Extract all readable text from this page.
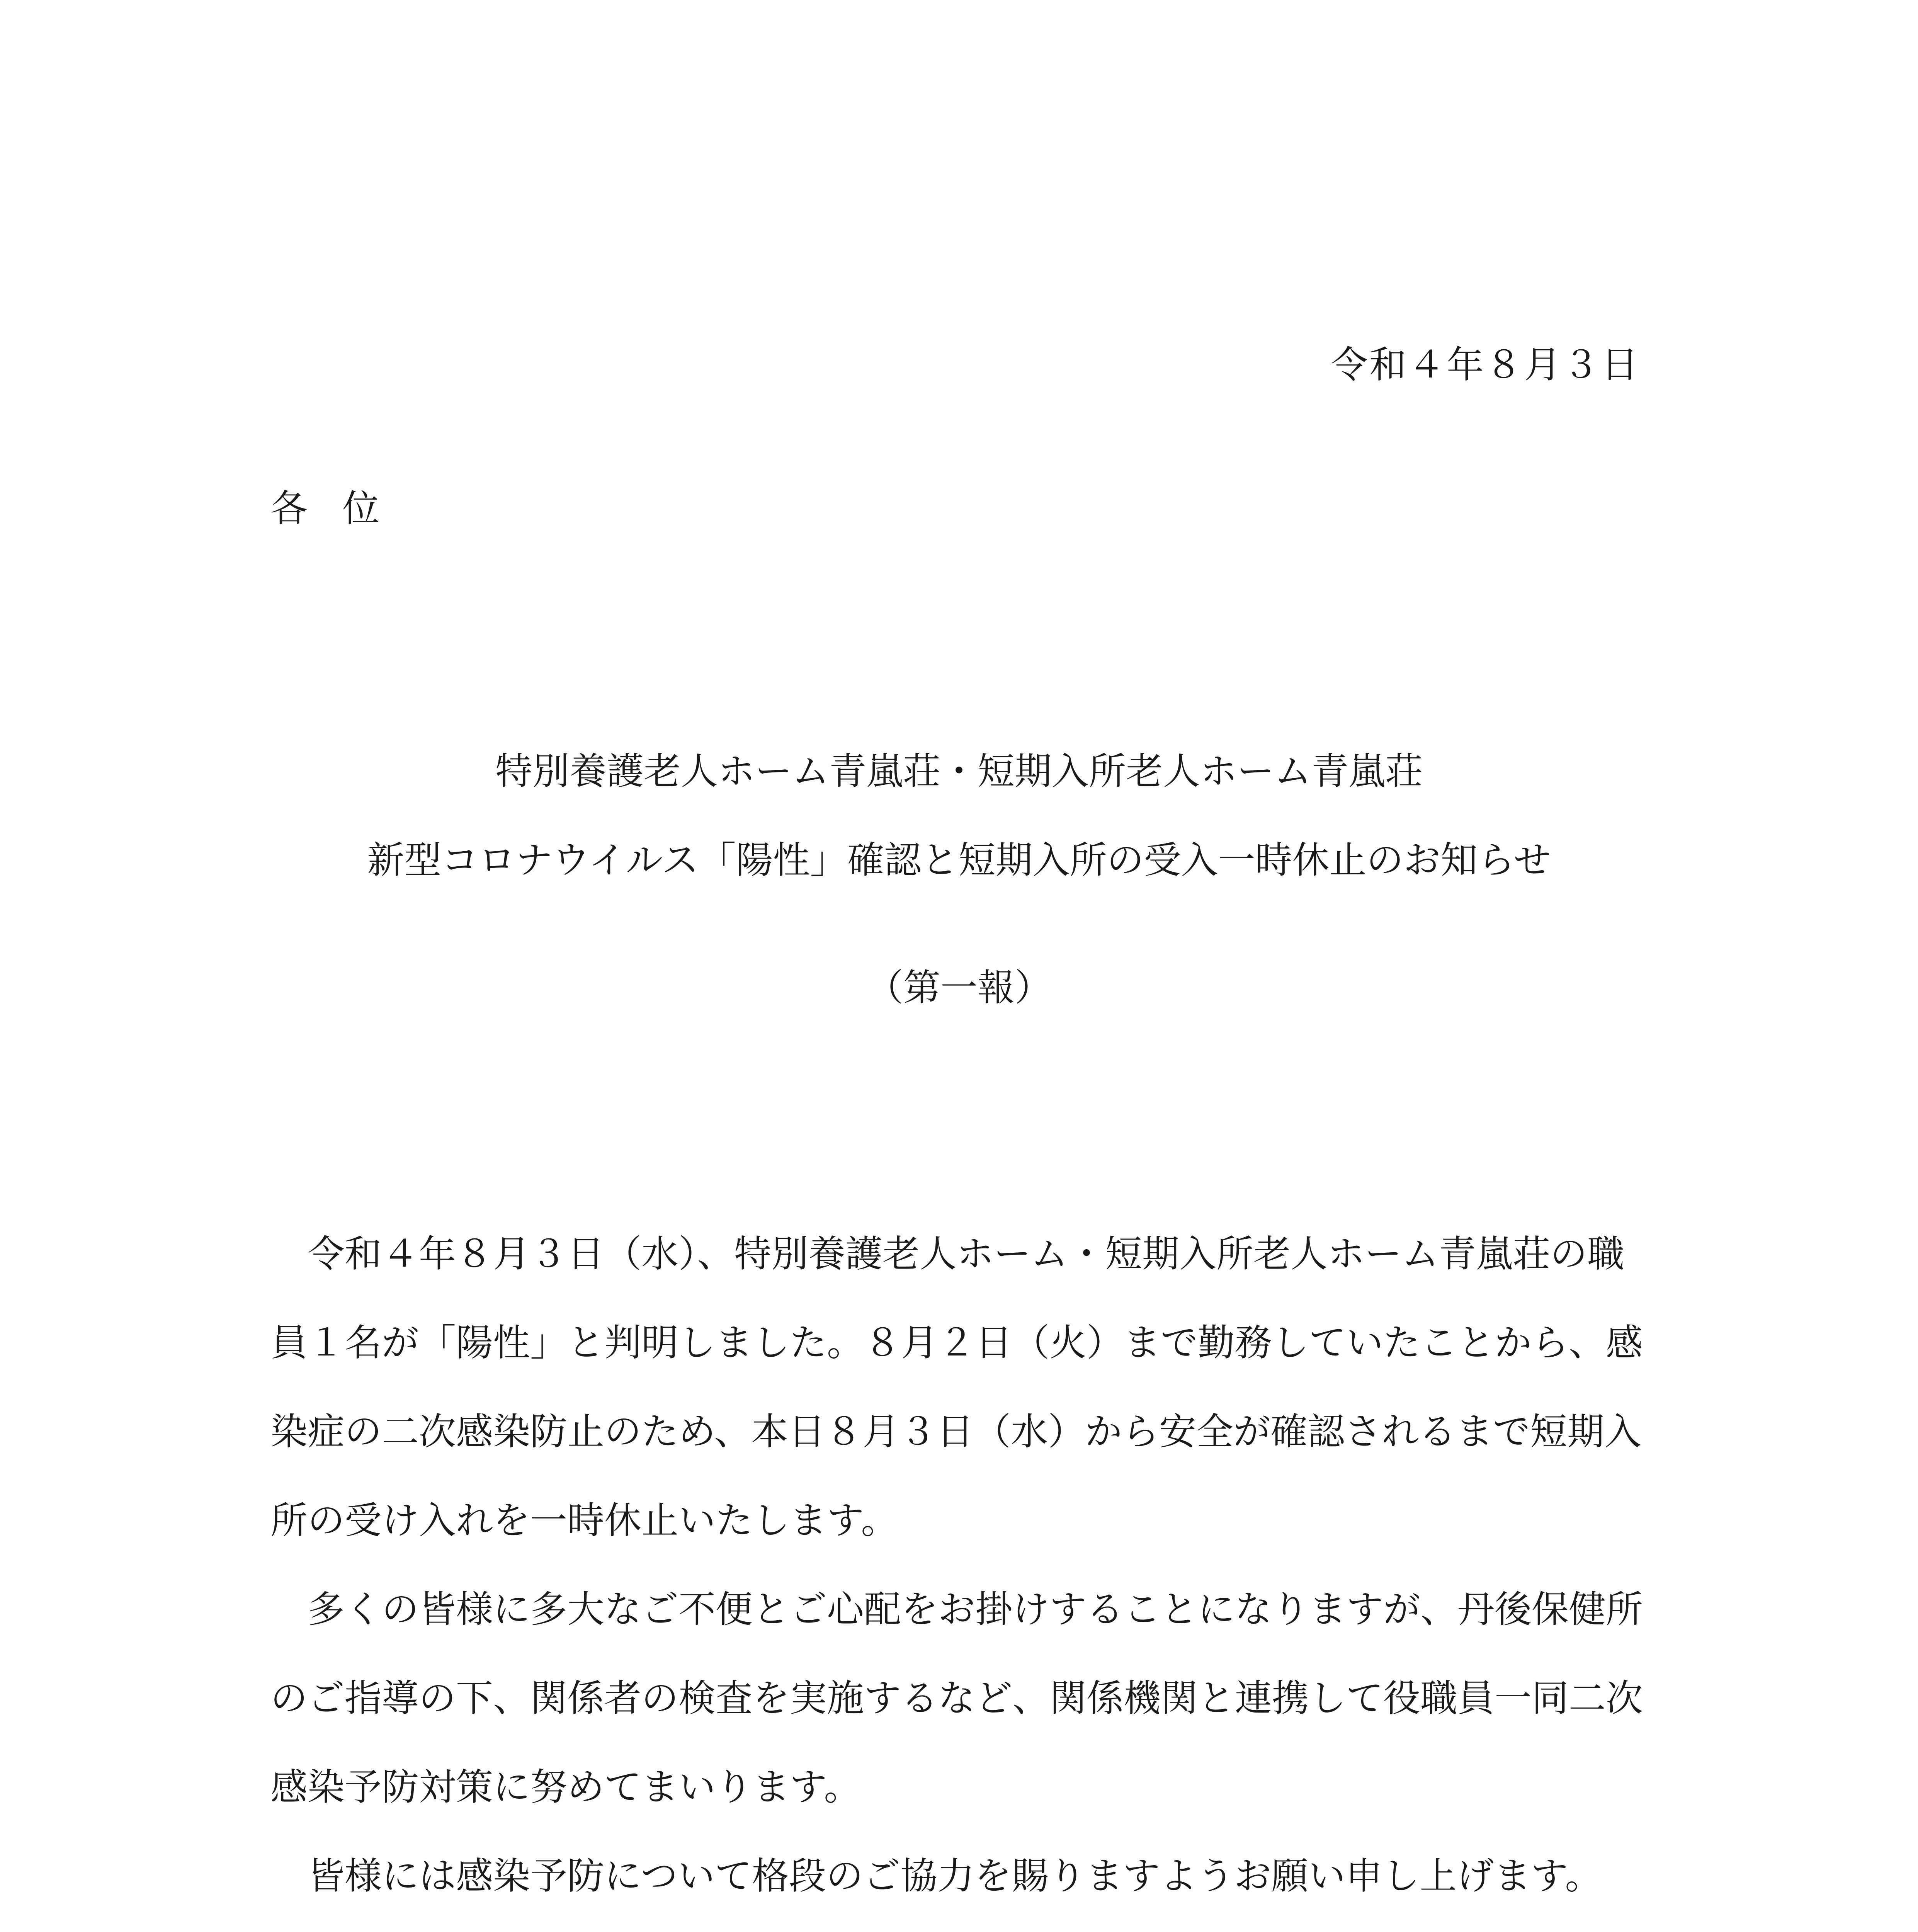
令和４年８月３日
各位
特別養護老人ホーム青嵐荘・短期入所老人ホーム青嵐荘
新型コロナウイルス「陽性」確認と短期入所の受入一時休止のお知らせ
（第一報）

令和４年８月３日（水）、特別養護老人ホーム・短期入所老人ホーム青嵐荘の職員１名が「陽性」と判明しました。８月２日（火）まで勤務していたことから、感染症の二次感染防止のため、本日８月３日（水）から安全が確認されるまで短期入所の受け入れを一時休止いたします。

多くの皆様に多大なご不便とご心配をお掛けすることになりますが、丹後保健所のご指導の下、関係者の検査を実施するなど、関係機関と連携して役職員一同二次感染予防対策に努めてまいります。

皆様には感染予防について格段のご協力を賜りますようお願い申し上げます。
